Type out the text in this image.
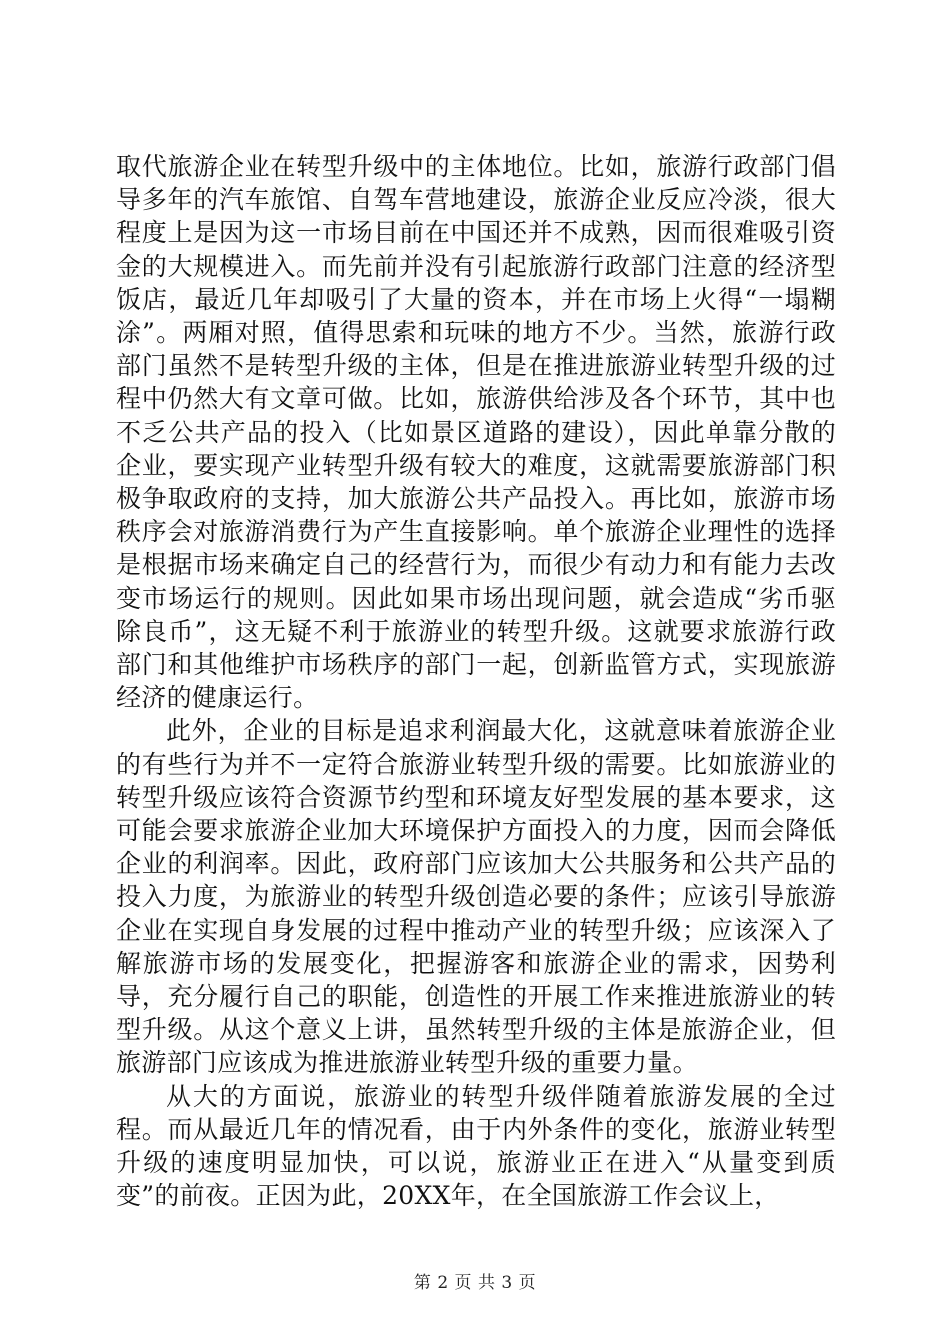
取代旅游企业在转型升级中的主体地位。比如，旅游行政部门倡导多年的汽车旅馆、自驾车营地建设，旅游企业反应冷淡，很大程度上是因为这一市场目前在中国还并不成熟，因而很难吸引资金的大规模进入。而先前并没有引起旅游行政部门注意的经济型饭店，最近几年却吸引了大量的资本，并在市场上火得“一塌糊涂”。两厢对照，值得思索和玩味的地方不少。当然，旅游行政部门虽然不是转型升级的主体，但是在推进旅游业转型升级的过程中仍然大有文章可做。比如，旅游供给涉及各个环节，其中也不乏公共产品的投入（比如景区道路的建设），因此单靠分散的企业，要实现产业转型升级有较大的难度，这就需要旅游部门积极争取政府的支持，加大旅游公共产品投入。再比如，旅游市场秩序会对旅游消费行为产生直接影响。单个旅游企业理性的选择是根据市场来确定自己的经营行为，而很少有动力和有能力去改变市场运行的规则。因此如果市场出现问题，就会造成“劣币驱除良币”，这无疑不利于旅游业的转型升级。这就要求旅游行政部门和其他维护市场秩序的部门一起，创新监管方式，实现旅游经济的健康运行。

此外，企业的目标是追求利润最大化，这就意味着旅游企业的有些行为并不一定符合旅游业转型升级的需要。比如旅游业的转型升级应该符合资源节约型和环境友好型发展的基本要求，这可能会要求旅游企业加大环境保护方面投入的力度，因而会降低企业的利润率。因此，政府部门应该加大公共服务和公共产品的投入力度，为旅游业的转型升级创造必要的条件；应该引导旅游企业在实现自身发展的过程中推动产业的转型升级；应该深入了解旅游市场的发展变化，把握游客和旅游企业的需求，因势利导，充分履行自己的职能，创造性的开展工作来推进旅游业的转型升级。从这个意义上讲，虽然转型升级的主体是旅游企业，但旅游部门应该成为推进旅游业转型升级的重要力量。

从大的方面说，旅游业的转型升级伴随着旅游发展的全过程。而从最近几年的情况看，由于内外条件的变化，旅游业转型升级的速度明显加快，可以说，旅游业正在进入“从量变到质变”的前夜。正因为此，20XX年，在全国旅游工作会议上，

第 2 页 共 3 页
